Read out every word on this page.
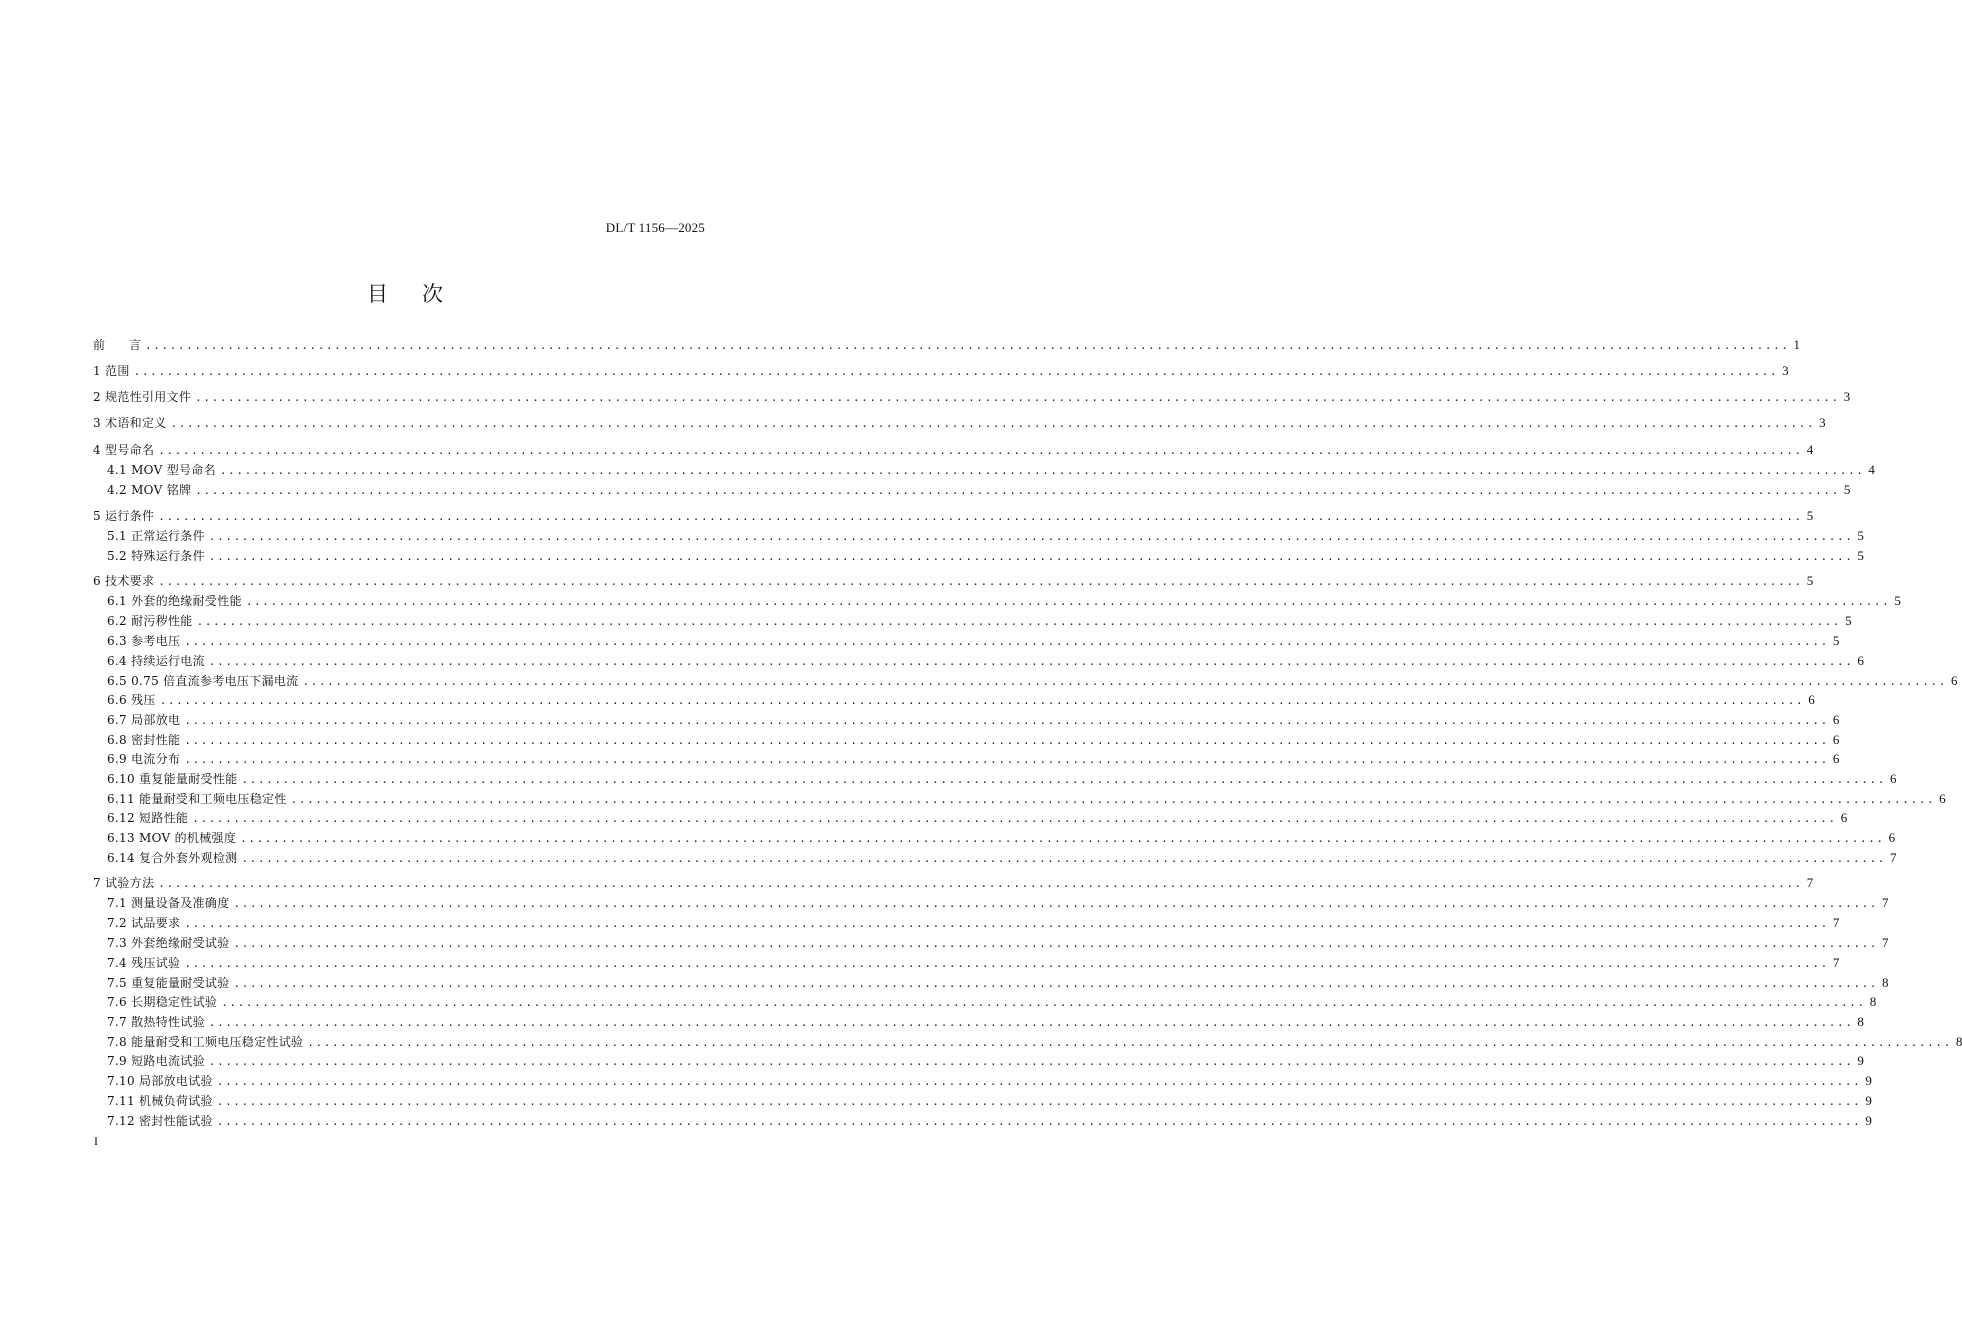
DL/T 1156—2025
目次
前　　言 ........................................................................................................................................................................................................ 1
1 范围 ........................................................................................................................................................................................................ 3
2 规范性引用文件 ........................................................................................................................................................................................................ 3
3 术语和定义 ........................................................................................................................................................................................................ 3
4 型号命名 ........................................................................................................................................................................................................ 4
4.1 MOV 型号命名 ........................................................................................................................................................................................................ 4
4.2 MOV 铭牌 ........................................................................................................................................................................................................ 5
5 运行条件 ........................................................................................................................................................................................................ 5
5.1 正常运行条件 ........................................................................................................................................................................................................ 5
5.2 特殊运行条件 ........................................................................................................................................................................................................ 5
6 技术要求 ........................................................................................................................................................................................................ 5
6.1 外套的绝缘耐受性能 ........................................................................................................................................................................................................ 5
6.2 耐污秽性能 ........................................................................................................................................................................................................ 5
6.3 参考电压 ........................................................................................................................................................................................................ 5
6.4 持续运行电流 ........................................................................................................................................................................................................ 6
6.5 0.75 倍直流参考电压下漏电流 ........................................................................................................................................................................................................ 6
6.6 残压 ........................................................................................................................................................................................................ 6
6.7 局部放电 ........................................................................................................................................................................................................ 6
6.8 密封性能 ........................................................................................................................................................................................................ 6
6.9 电流分布 ........................................................................................................................................................................................................ 6
6.10 重复能量耐受性能 ........................................................................................................................................................................................................ 6
6.11 能量耐受和工频电压稳定性 ........................................................................................................................................................................................................ 6
6.12 短路性能 ........................................................................................................................................................................................................ 6
6.13 MOV 的机械强度 ........................................................................................................................................................................................................ 6
6.14 复合外套外观检测 ........................................................................................................................................................................................................ 7
7 试验方法 ........................................................................................................................................................................................................ 7
7.1 测量设备及准确度 ........................................................................................................................................................................................................ 7
7.2 试品要求 ........................................................................................................................................................................................................ 7
7.3 外套绝缘耐受试验 ........................................................................................................................................................................................................ 7
7.4 残压试验 ........................................................................................................................................................................................................ 7
7.5 重复能量耐受试验 ........................................................................................................................................................................................................ 8
7.6 长期稳定性试验 ........................................................................................................................................................................................................ 8
7.7 散热特性试验 ........................................................................................................................................................................................................ 8
7.8 能量耐受和工频电压稳定性试验 ........................................................................................................................................................................................................ 8
7.9 短路电流试验 ........................................................................................................................................................................................................ 9
7.10 局部放电试验 ........................................................................................................................................................................................................ 9
7.11 机械负荷试验 ........................................................................................................................................................................................................ 9
7.12 密封性能试验 ........................................................................................................................................................................................................ 9
I
